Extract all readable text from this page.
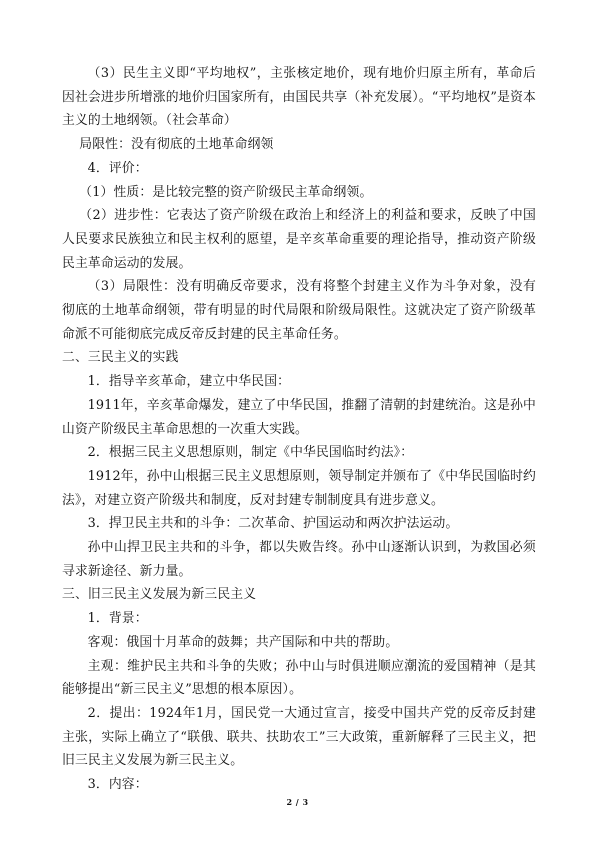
（3）民生主义即“平均地权”，主张核定地价，现有地价归原主所有，革命后因社会进步所增涨的地价归国家所有，由国民共享（补充发展）。“平均地权”是资本主义的土地纲领。（社会革命）

局限性：没有彻底的土地革命纲领

4．评价：

（1）性质：是比较完整的资产阶级民主革命纲领。

（2）进步性：它表达了资产阶级在政治上和经济上的利益和要求，反映了中国人民要求民族独立和民主权利的愿望，是辛亥革命重要的理论指导，推动资产阶级民主革命运动的发展。

（3）局限性：没有明确反帝要求，没有将整个封建主义作为斗争对象，没有彻底的土地革命纲领，带有明显的时代局限和阶级局限性。这就决定了资产阶级革命派不可能彻底完成反帝反封建的民主革命任务。

二、三民主义的实践

1．指导辛亥革命，建立中华民国：

1911年，辛亥革命爆发，建立了中华民国，推翻了清朝的封建统治。这是孙中山资产阶级民主革命思想的一次重大实践。

2．根据三民主义思想原则，制定《中华民国临时约法》：

1912年，孙中山根据三民主义思想原则，领导制定并颁布了《中华民国临时约法》，对建立资产阶级共和制度，反对封建专制制度具有进步意义。

3．捍卫民主共和的斗争：二次革命、护国运动和两次护法运动。

孙中山捍卫民主共和的斗争，都以失败告终。孙中山逐渐认识到，为救国必须寻求新途径、新力量。

三、旧三民主义发展为新三民主义

1．背景：

客观：俄国十月革命的鼓舞；共产国际和中共的帮助。

主观：维护民主共和斗争的失败；孙中山与时俱进顺应潮流的爱国精神（是其能够提出“新三民主义”思想的根本原因）。

2．提出：1924年1月，国民党一大通过宣言，接受中国共产党的反帝反封建主张，实际上确立了“联俄、联共、扶助农工”三大政策，重新解释了三民主义，把旧三民主义发展为新三民主义。

3．内容：

2 / 3
